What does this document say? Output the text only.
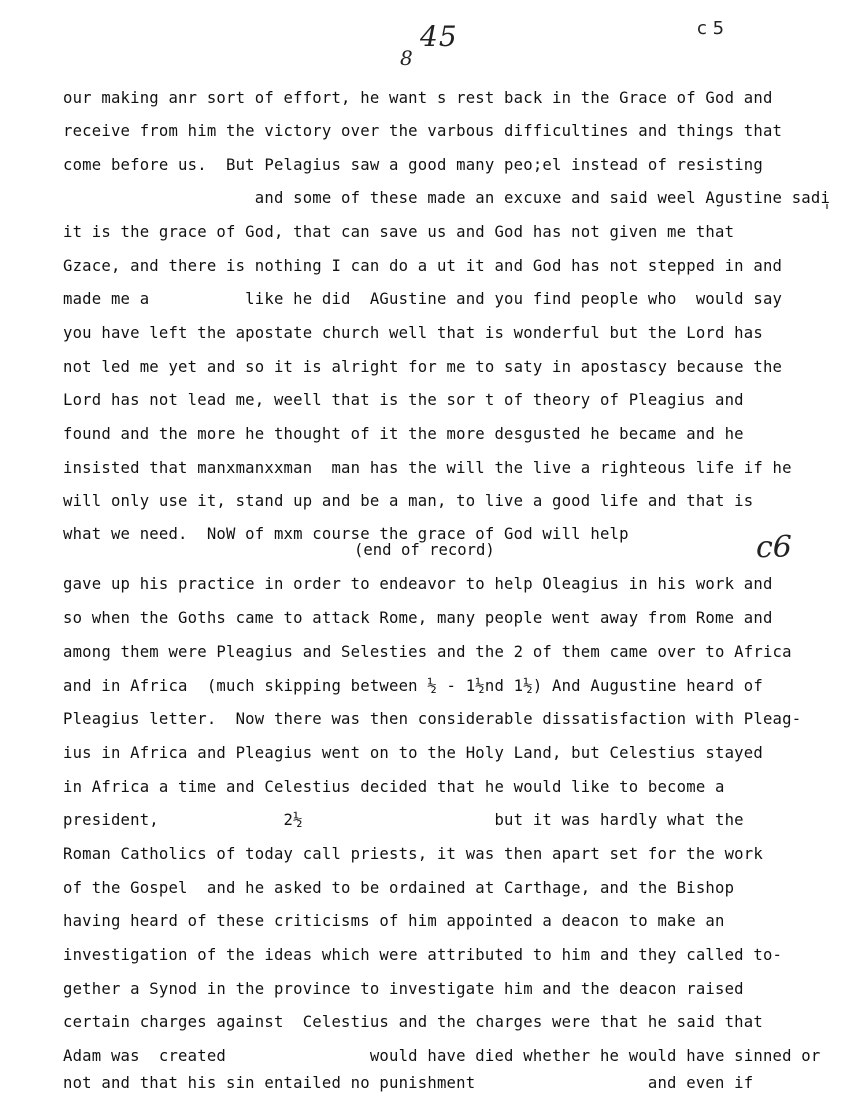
45
8
c 5
our making anr sort of effort, he want s rest back in the Grace of God and
receive from him the victory over the varbous difficultines and things that
come before us.  But Pelagius saw a good many peo;el instead of resisting
and some of these made an excuxe and said weel Agustine sadi
it is the grace of God, that can save us and God has not given me that
Gzace, and there is nothing I can do a ut it and God has not stepped in and
made me a          like he did  AGustine and you find people who  would say
you have left the apostate church well that is wonderful but the Lord has
not led me yet and so it is alright for me to saty in apostascy because the
Lord has not lead me, weell that is the sor t of theory of Pleagius and
found and the more he thought of it the more desgusted he became and he
insisted that manxmanxxman  man has the will the live a righteous life if he
will only use it, stand up and be a man, to live a good life and that is
what we need.  NoW of mxm course the grace of God will help
(end of record)	c6
gave up his practice in order to endeavor to help Oleagius in his work and
so when the Goths came to attack Rome, many people went away from Rome and
among them were Pleagius and Selesties and the 2 of them came over to Africa
and in Africa  (much skipping between ½ - 1½nd 1½) And Augustine heard of
Pleagius letter.  Now there was then considerable dissatisfaction with Pleag-
ius in Africa and Pleagius went on to the Holy Land, but Celestius stayed
in Africa a time and Celestius decided that he would like to become a
president,             2½                    but it was hardly what the
Roman Catholics of today call priests, it was then apart set for the work
of the Gospel  and he asked to be ordained at Carthage, and the Bishop
having heard of these criticisms of him appointed a deacon to make an
investigation of the ideas which were attributed to him and they called to-
gether a Synod in the province to investigate him and the deacon raised
certain charges against  Celestius and the charges were that he said that
Adam was  created               would have died whether he would have sinned or
not and that his sin entailed no punishment                  and even if
